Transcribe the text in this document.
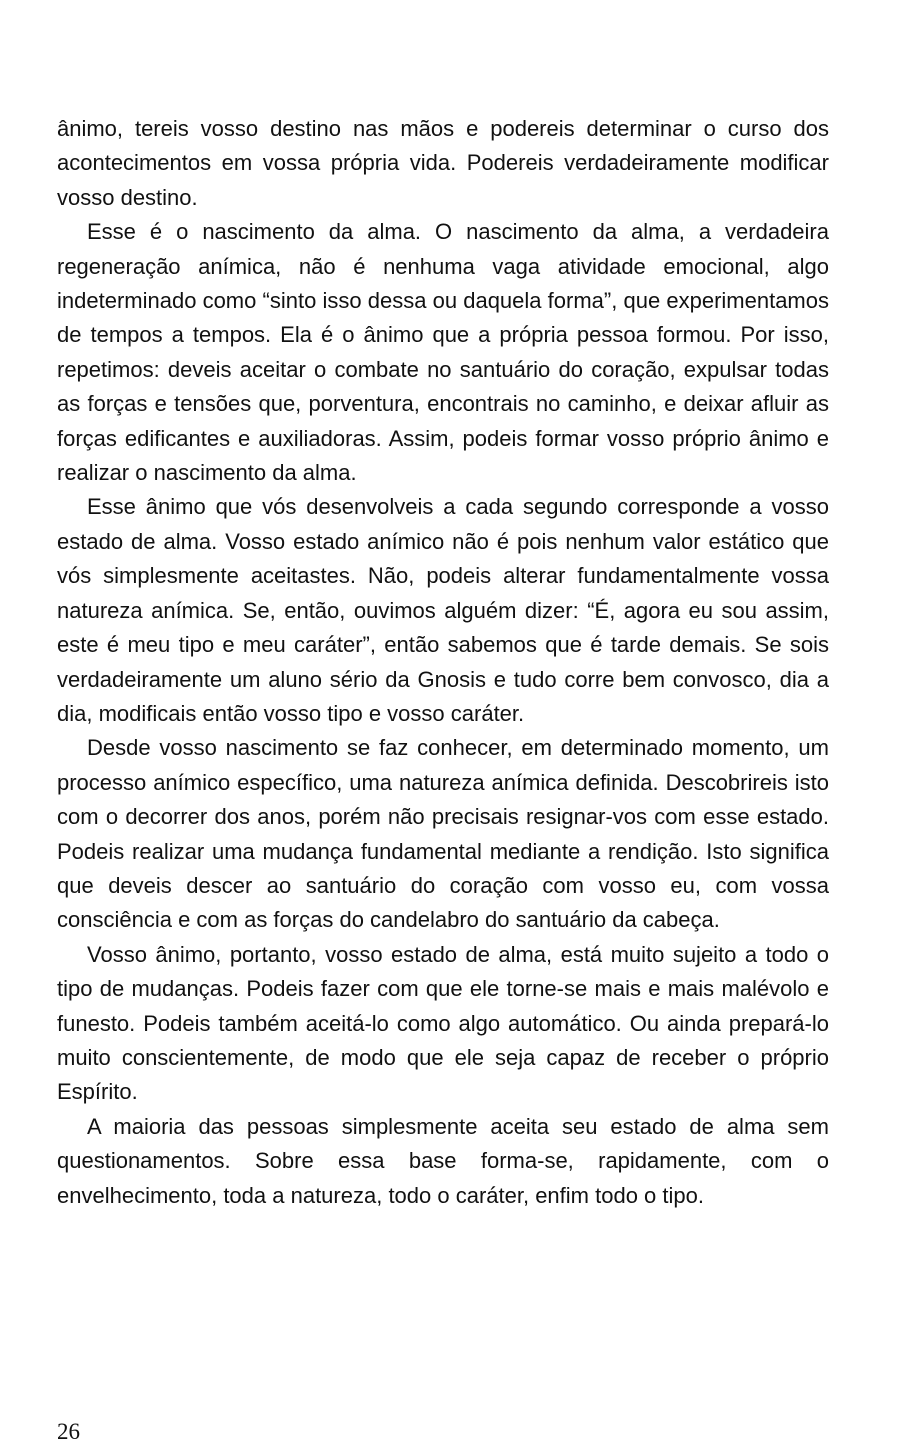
ânimo, tereis vosso destino nas mãos e podereis determinar o curso dos acontecimentos em vossa própria vida. Podereis verdadeiramente modificar vosso destino.

Esse é o nascimento da alma. O nascimento da alma, a verdadeira regeneração anímica, não é nenhuma vaga atividade emocional, algo indeterminado como “sinto isso dessa ou daquela forma”, que experimentamos de tempos a tempos. Ela é o ânimo que a própria pessoa formou. Por isso, repetimos: deveis aceitar o combate no santuário do coração, expulsar todas as forças e tensões que, porventura, encontrais no caminho, e deixar afluir as forças edificantes e auxiliadoras. Assim, podeis formar vosso próprio ânimo e realizar o nascimento da alma.

Esse ânimo que vós desenvolveis a cada segundo corresponde a vosso estado de alma. Vosso estado anímico não é pois nenhum valor estático que vós simplesmente aceitastes. Não, podeis alterar fundamentalmente vossa natureza anímica. Se, então, ouvimos alguém dizer: “É, agora eu sou assim, este é meu tipo e meu caráter”, então sabemos que é tarde demais. Se sois verdadeiramente um aluno sério da Gnosis e tudo corre bem convosco, dia a dia, modificais então vosso tipo e vosso caráter.

Desde vosso nascimento se faz conhecer, em determinado momento, um processo anímico específico, uma natureza anímica definida. Descobrireis isto com o decorrer dos anos, porém não precisais resignar-vos com esse estado. Podeis realizar uma mudança fundamental mediante a rendição. Isto significa que deveis descer ao santuário do coração com vosso eu, com vossa consciência e com as forças do candelabro do santuário da cabeça.

Vosso ânimo, portanto, vosso estado de alma, está muito sujeito a todo o tipo de mudanças. Podeis fazer com que ele torne-se mais e mais malévolo e funesto. Podeis também aceitá-lo como algo automático. Ou ainda prepará-lo muito conscientemente, de modo que ele seja capaz de receber o próprio Espírito.

A maioria das pessoas simplesmente aceita seu estado de alma sem questionamentos. Sobre essa base forma-se, rapidamente, com o envelhecimento, toda a natureza, todo o caráter, enfim todo o tipo.

26
